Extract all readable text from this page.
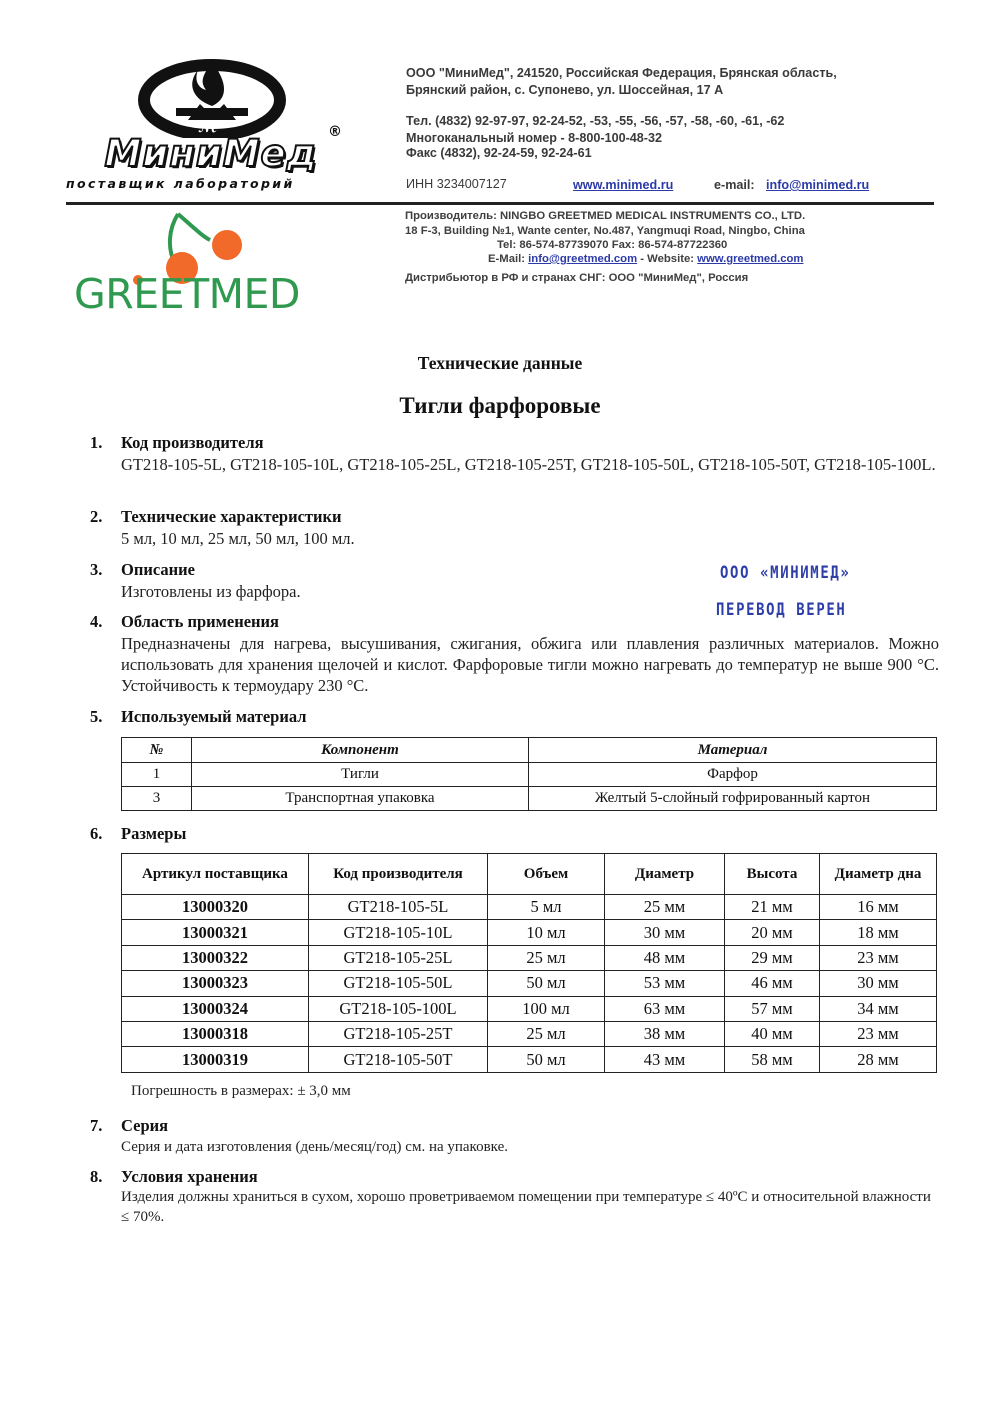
ℳ
МиниМед ®
поставщик лабораторий
ООО "МиниМед", 241520, Российская Федерация, Брянская область,
Брянский район, с. Супонево, ул. Шоссейная, 17 А
Тел. (4832) 92-97-97, 92-24-52, -53, -55, -56, -57, -58, -60, -61, -62
Многоканальный номер - 8-800-100-48-32
Факс (4832), 92-24-59, 92-24-61
ИНН 3234007127	www.minimed.ru	e-mail: info@minimed.ru
GREETMED
Производитель: NINGBO GREETMED MEDICAL INSTRUMENTS CO., LTD.
18 F-3, Building №1, Wante center, No.487, Yangmuqi Road, Ningbo, China
Tel: 86-574-87739070 Fax: 86-574-87722360
E-Mail: info@greetmed.com - Website: www.greetmed.com
Дистрибьютор в РФ и странах СНГ: ООО "МиниМед", Россия
Технические данные
Тигли фарфоровые
1. Код производителя
GT218-105-5L, GT218-105-10L, GT218-105-25L, GT218-105-25T, GT218-105-50L, GT218-105-50T, GT218-105-100L.
2. Технические характеристики
5 мл, 10 мл, 25 мл, 50 мл, 100 мл.
3. Описание
Изготовлены из фарфора.
ООО «МИНИМЕД»
ПЕРЕВОД ВЕРЕН
4. Область применения
Предназначены для нагрева, высушивания, сжигания, обжига или плавления различных материалов. Можно использовать для хранения щелочей и кислот. Фарфоровые тигли можно нагревать до температур не выше 900 °С. Устойчивость к термоудару 230 °С.
5. Используемый материал
№	Компонент	Материал
1	Тигли	Фарфор
3	Транспортная упаковка	Желтый 5-слойный гофрированный картон
6. Размеры
Артикул поставщика	Код производителя	Объем	Диаметр	Высота	Диаметр дна
13000320	GT218-105-5L	5 мл	25 мм	21 мм	16 мм
13000321	GT218-105-10L	10 мл	30 мм	20 мм	18 мм
13000322	GT218-105-25L	25 мл	48 мм	29 мм	23 мм
13000323	GT218-105-50L	50 мл	53 мм	46 мм	30 мм
13000324	GT218-105-100L	100 мл	63 мм	57 мм	34 мм
13000318	GT218-105-25T	25 мл	38 мм	40 мм	23 мм
13000319	GT218-105-50T	50 мл	43 мм	58 мм	28 мм
Погрешность в размерах: ± 3,0 мм
7. Серия
Серия и дата изготовления (день/месяц/год) см. на упаковке.
8. Условия хранения
Изделия должны храниться в сухом, хорошо проветриваемом помещении при температуре ≤ 40ºС и относительной влажности ≤ 70%.
